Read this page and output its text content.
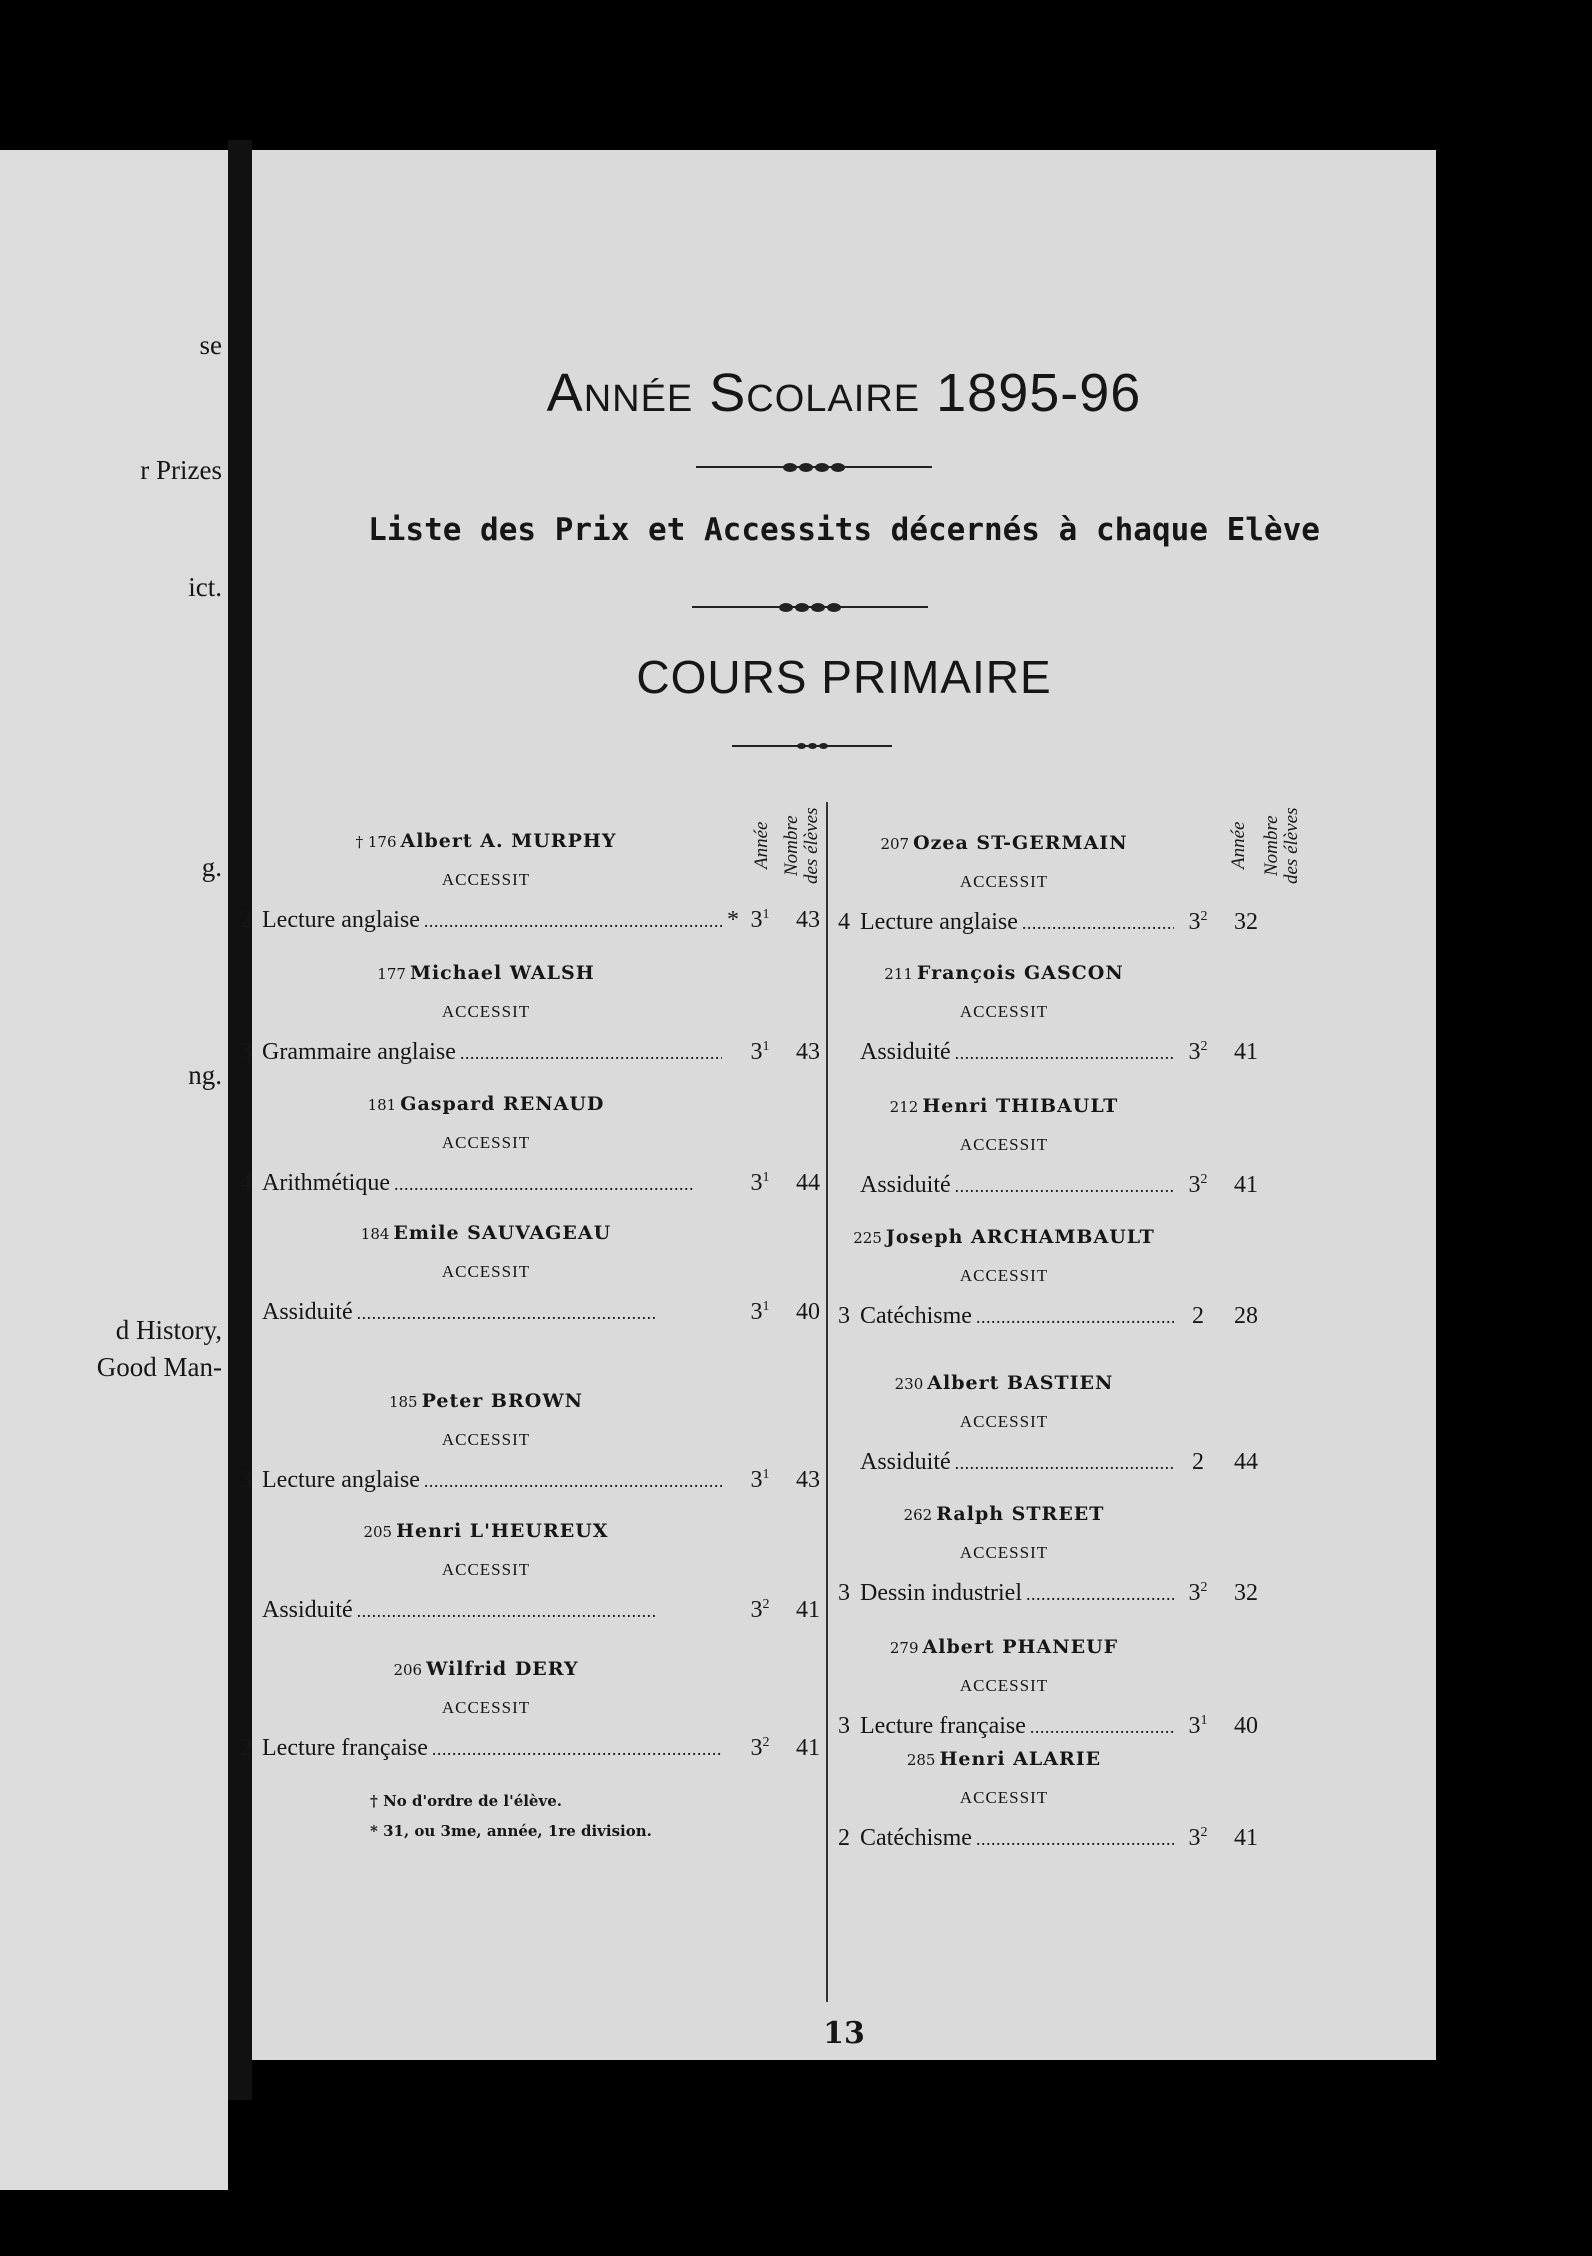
se
r Prizes
ict.
g.
ng.
d History,
Good Man-
Année Scolaire 1895-96
Liste des Prix et Accessits décernés à chaque Elève
COURS PRIMAIRE
Année Nombre
des élèves	Année Nombre
des élèves
† 176 Albert A. MURPHY
ACCESSIT
2 Lecture anglaise . . .	* $3^1$	43
177 Michael WALSH
ACCESSIT
3 Grammaire anglaise . . .	$3^1$	43
181 Gaspard RENAUD
ACCESSIT
4 Arithmétique . . .	$3^1$	44
184 Emile SAUVAGEAU
ACCESSIT
Assiduité . . .	$3^1$	40
185 Peter BROWN
ACCESSIT
3 Lecture anglaise . . .	$3^1$	43
205 Henri L'HEUREUX
ACCESSIT
Assiduité . . .	$3^2$	41
206 Wilfrid DERY
ACCESSIT
2 Lecture française . . .	$3^2$	41
207 Ozea ST-GERMAIN
ACCESSIT
4 Lecture anglaise . . .	$3^2$	32
211 François GASCON
ACCESSIT
Assiduité . . .	$3^2$	41
212 Henri THIBAULT
ACCESSIT
Assiduité . . .	$3^2$	41
225 Joseph ARCHAMBAULT
ACCESSIT
3 Catéchisme . . .	2	28
230 Albert BASTIEN
ACCESSIT
Assiduité . . .	2	44
262 Ralph STREET
ACCESSIT
3 Dessin industriel . . .	$3^2$	32
279 Albert PHANEUF
ACCESSIT
3 Lecture française . . .	$3^1$	40
285 Henri ALARIE
ACCESSIT
2 Catéchisme . . .	$3^2$	41
† No d'ordre de l'élève.
* 31, ou 3me, année, 1re division.
13
